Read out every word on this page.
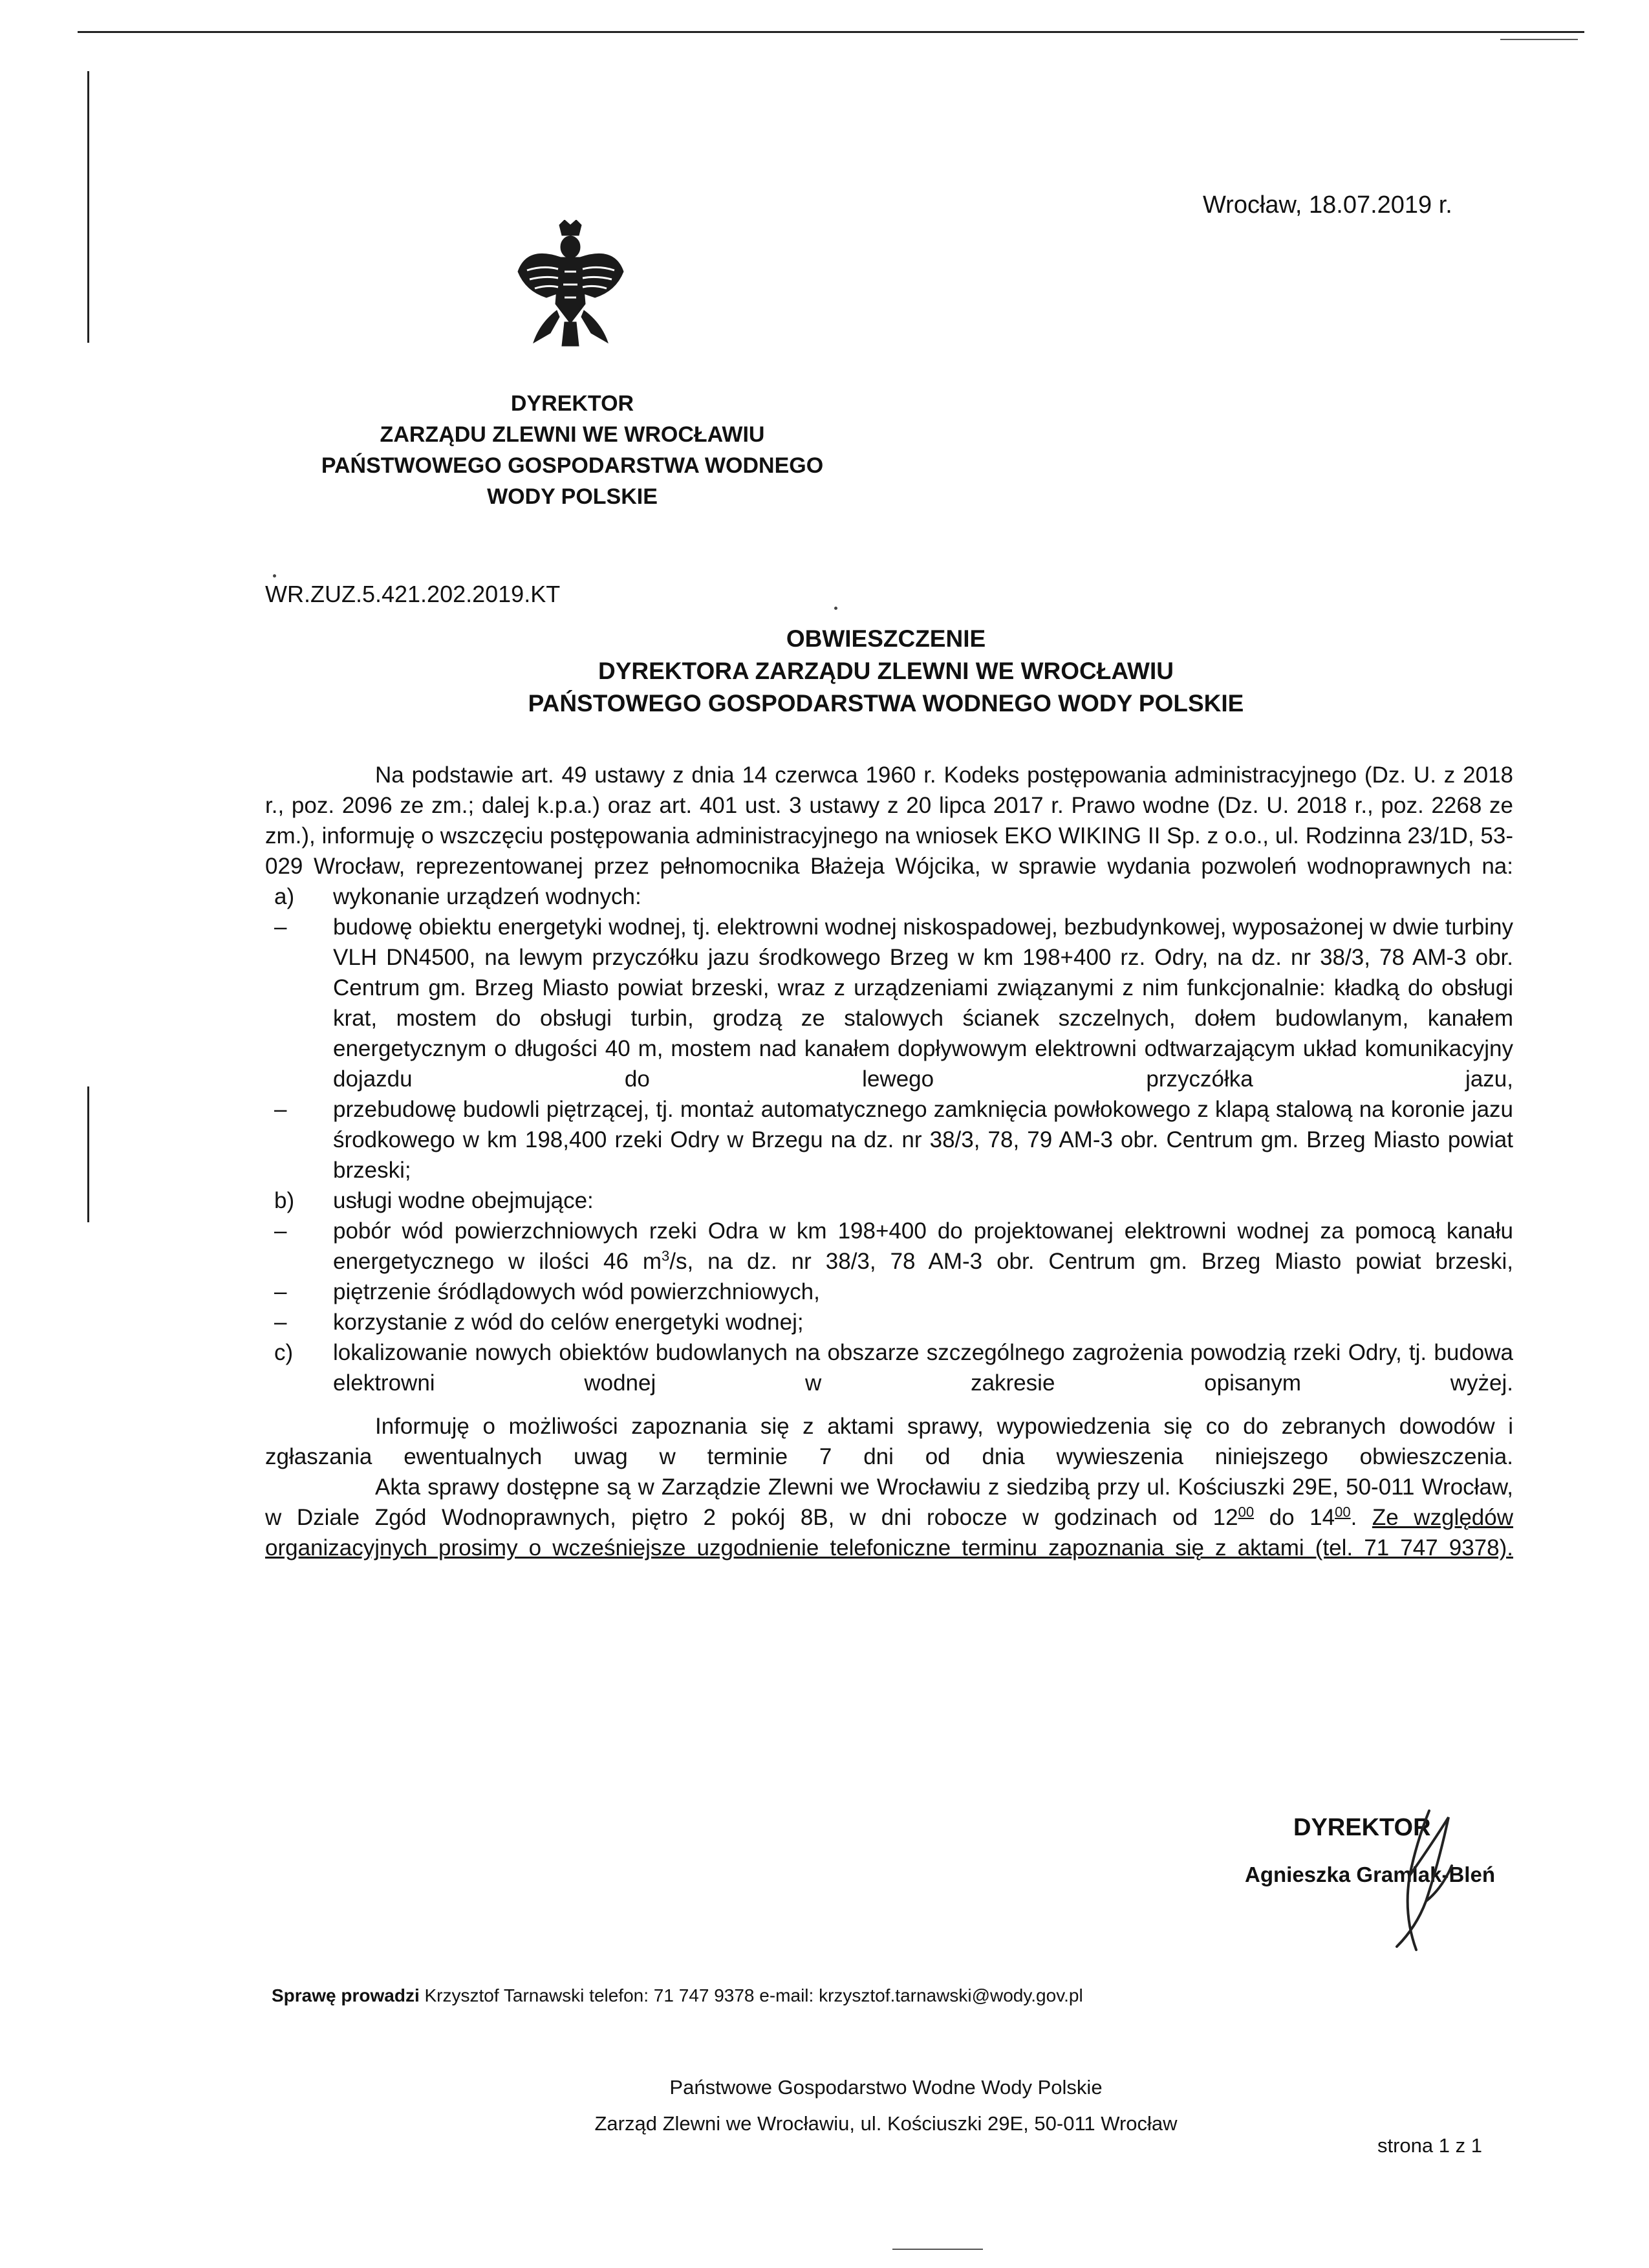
Wrocław, 18.07.2019 r.
DYREKTOR
ZARZĄDU ZLEWNI WE WROCŁAWIU
PAŃSTWOWEGO GOSPODARSTWA WODNEGO
WODY POLSKIE
WR.ZUZ.5.421.202.2019.KT
OBWIESZCZENIE
DYREKTORA ZARZĄDU ZLEWNI WE WROCŁAWIU
PAŃSTOWEGO GOSPODARSTWA WODNEGO WODY POLSKIE

Na podstawie art. 49 ustawy z dnia 14 czerwca 1960 r. Kodeks postępowania administracyjnego (Dz. U. z 2018 r., poz. 2096 ze zm.; dalej k.p.a.) oraz art. 401 ust. 3 ustawy z 20 lipca 2017 r. Prawo wodne (Dz. U. 2018 r., poz. 2268 ze zm.), informuję o wszczęciu postępowania administracyjnego na wniosek EKO WIKING II Sp. z o.o., ul. Rodzinna 23/1D, 53-029 Wrocław, reprezentowanej przez pełnomocnika Błażeja Wójcika, w sprawie wydania pozwoleń wodnoprawnych na:

a) wykonanie urządzeń wodnych:
– budowę obiektu energetyki wodnej, tj. elektrowni wodnej niskospadowej, bezbudynkowej, wyposażonej w dwie turbiny VLH DN4500, na lewym przyczółku jazu środkowego Brzeg w km 198+400 rz. Odry, na dz. nr 38/3, 78 AM-3 obr. Centrum gm. Brzeg Miasto powiat brzeski, wraz z urządzeniami związanymi z nim funkcjonalnie: kładką do obsługi krat, mostem do obsługi turbin, grodzą ze stalowych ścianek szczelnych, dołem budowlanym, kanałem energetycznym o długości 40 m, mostem nad kanałem dopływowym elektrowni odtwarzającym układ komunikacyjny dojazdu do lewego przyczółka jazu,

– przebudowę budowli piętrzącej, tj. montaż automatycznego zamknięcia powłokowego z klapą stalową na koronie jazu środkowego w km 198,400 rzeki Odry w Brzegu na dz. nr 38/3, 78, 79 AM-3 obr. Centrum gm. Brzeg Miasto powiat brzeski;

b) usługi wodne obejmujące:
– pobór wód powierzchniowych rzeki Odra w km 198+400 do projektowanej elektrowni wodnej za pomocą kanału energetycznego w ilości 46 $m^3/s$, na dz. nr 38/3, 78 AM-3 obr. Centrum gm. Brzeg Miasto powiat brzeski,

– piętrzenie śródlądowych wód powierzchniowych,

– korzystanie z wód do celów energetyki wodnej;

c) lokalizowanie nowych obiektów budowlanych na obszarze szczególnego zagrożenia powodzią rzeki Odry, tj. budowa elektrowni wodnej w zakresie opisanym wyżej.

Informuję o możliwości zapoznania się z aktami sprawy, wypowiedzenia się co do zebranych dowodów i zgłaszania ewentualnych uwag w terminie 7 dni od dnia wywieszenia niniejszego obwieszczenia.

Akta sprawy dostępne są w Zarządzie Zlewni we Wrocławiu z siedzibą przy ul. Kościuszki 29E, 50-011 Wrocław, w Dziale Zgód Wodnoprawnych, piętro 2 pokój 8B, w dni robocze w godzinach od $12^{00}$ do $14^{00}$. Ze względów organizacyjnych prosimy o wcześniejsze uzgodnienie telefoniczne terminu zapoznania się z aktami (tel. 71 747 9378).

DYREKTOR
Agnieszka Gramlak-Bleń
Sprawę prowadzi Krzysztof Tarnawski telefon: 71 747 9378 e-mail: krzysztof.tarnawski@wody.gov.pl
Państwowe Gospodarstwo Wodne Wody Polskie
Zarząd Zlewni we Wrocławiu, ul. Kościuszki 29E, 50-011 Wrocław
strona 1 z 1
